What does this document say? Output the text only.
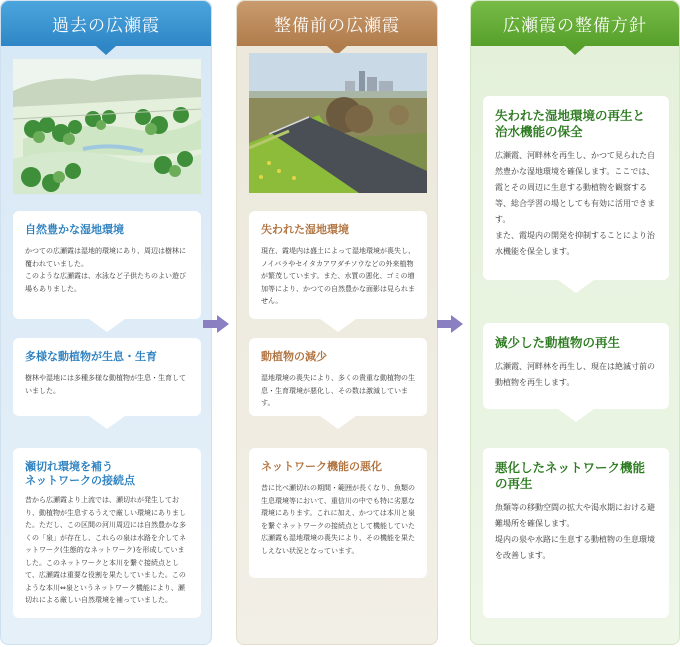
過去の広瀬霞
自然豊かな湿地環境

かつての広瀬霞は湿地的環境にあり、周辺は樹林に覆われていました。
このような広瀬霞は、水泳など子供たちのよい遊び場もありました。

多様な動植物が生息・生育

樹林や湿地には多種多様な動植物が生息・生育していました。

瀬切れ環境を補う
ネットワークの接続点

昔から広瀬霞より上流では、瀬切れが発生しており、動植物が生息するうえで厳しい環境にありました。ただし、この区間の河川周辺には自然豊かな多くの「泉」が存在し、これらの泉は水路を介してネットワーク(生態的なネットワーク)を形成していました。このネットワークと本川を繋ぐ接続点として、広瀬霞は重要な役割を果たしていました。このような本川⇔泉というネットワーク機能により、瀬切れによる厳しい自然環境を補っていました。

整備前の広瀬霞
失われた湿地環境

現在、霞堤内は盛土によって湿地環境が喪失し、ノイバラやセイタカアワダチソウなどの外来植物が繁茂しています。また、水質の悪化、ゴミの増加等により、かつての自然豊かな面影は見られません。

動植物の減少

湿地環境の喪失により、多くの貴重な動植物の生息・生育環境が悪化し、その数は激減しています。

ネットワーク機能の悪化

昔に比べ瀬切れの期間・範囲が長くなり、魚類の生息環境等において、重信川の中でも特に劣悪な環境にあります。これに加え、かつては本川と泉を繋ぐネットワークの接続点として機能していた広瀬霞も湿地環境の喪失により、その機能を果たしえない状況となっています。

広瀬霞の整備方針
失われた湿地環境の再生と
治水機能の保全

広瀬霞、河畔林を再生し、かつて見られた自然豊かな湿地環境を確保します。ここでは、霞とその周辺に生息する動植物を観察する等、総合学習の場としても有効に活用できます。
また、霞堤内の開発を抑制することにより治水機能を保全します。

減少した動植物の再生

広瀬霞、河畔林を再生し、現在は絶滅寸前の動植物を再生します。

悪化したネットワーク機能
の再生

魚類等の移動空間の拡大や渇水期における避難場所を確保します。
堤内の泉や水路に生息する動植物の生息環境を改善します。
